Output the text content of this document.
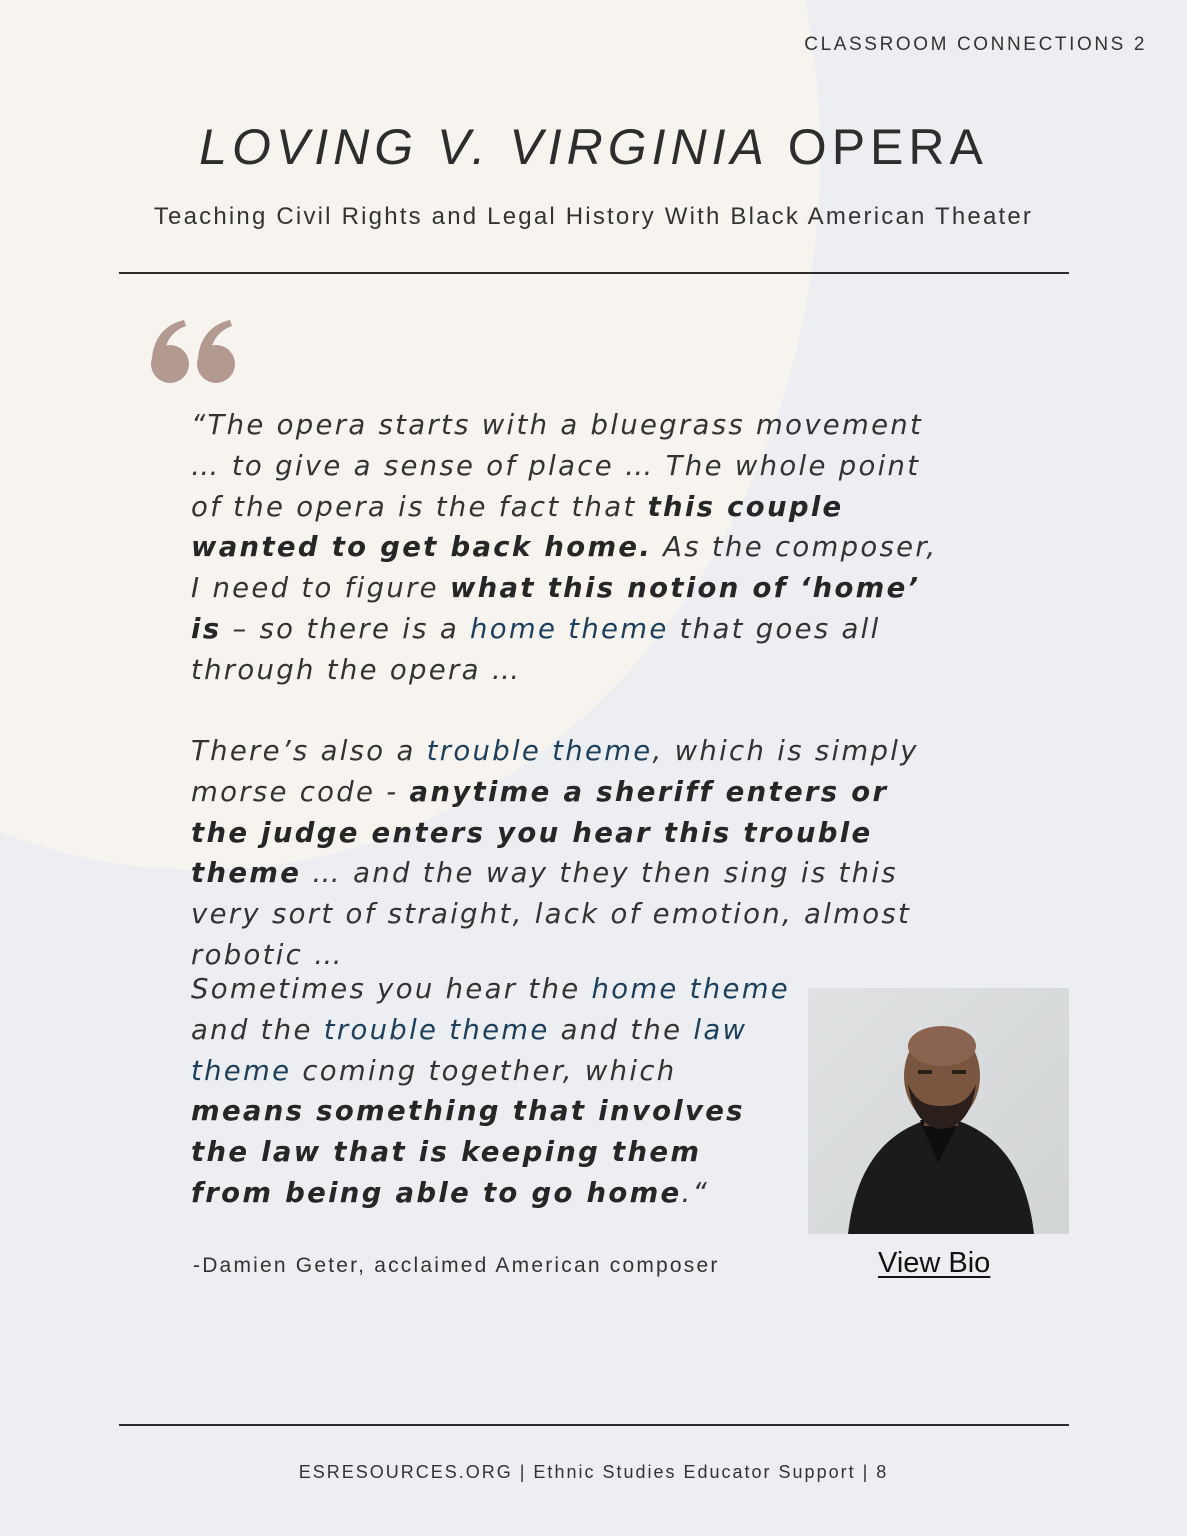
CLASSROOM CONNECTIONS 2
LOVING V. VIRGINIA OPERA
Teaching Civil Rights and Legal History With Black American Theater

“The opera starts with a bluegrass movement … to give a sense of place … The whole point of the opera is the fact that this couple wanted to get back home. As the composer, I need to figure what this notion of ‘home’ is – so there is a home theme that goes all through the opera …

There’s also a trouble theme, which is simply morse code - anytime a sheriff enters or the judge enters you hear this trouble theme … and the way they then sing is this very sort of straight, lack of emotion, almost robotic …

Sometimes you hear the home theme and the trouble theme and the law theme coming together, which means something that involves the law that is keeping them from being able to go home.“

-Damien Geter, acclaimed American composer	View Bio
ESRESOURCES.ORG | Ethnic Studies Educator Support | 8
